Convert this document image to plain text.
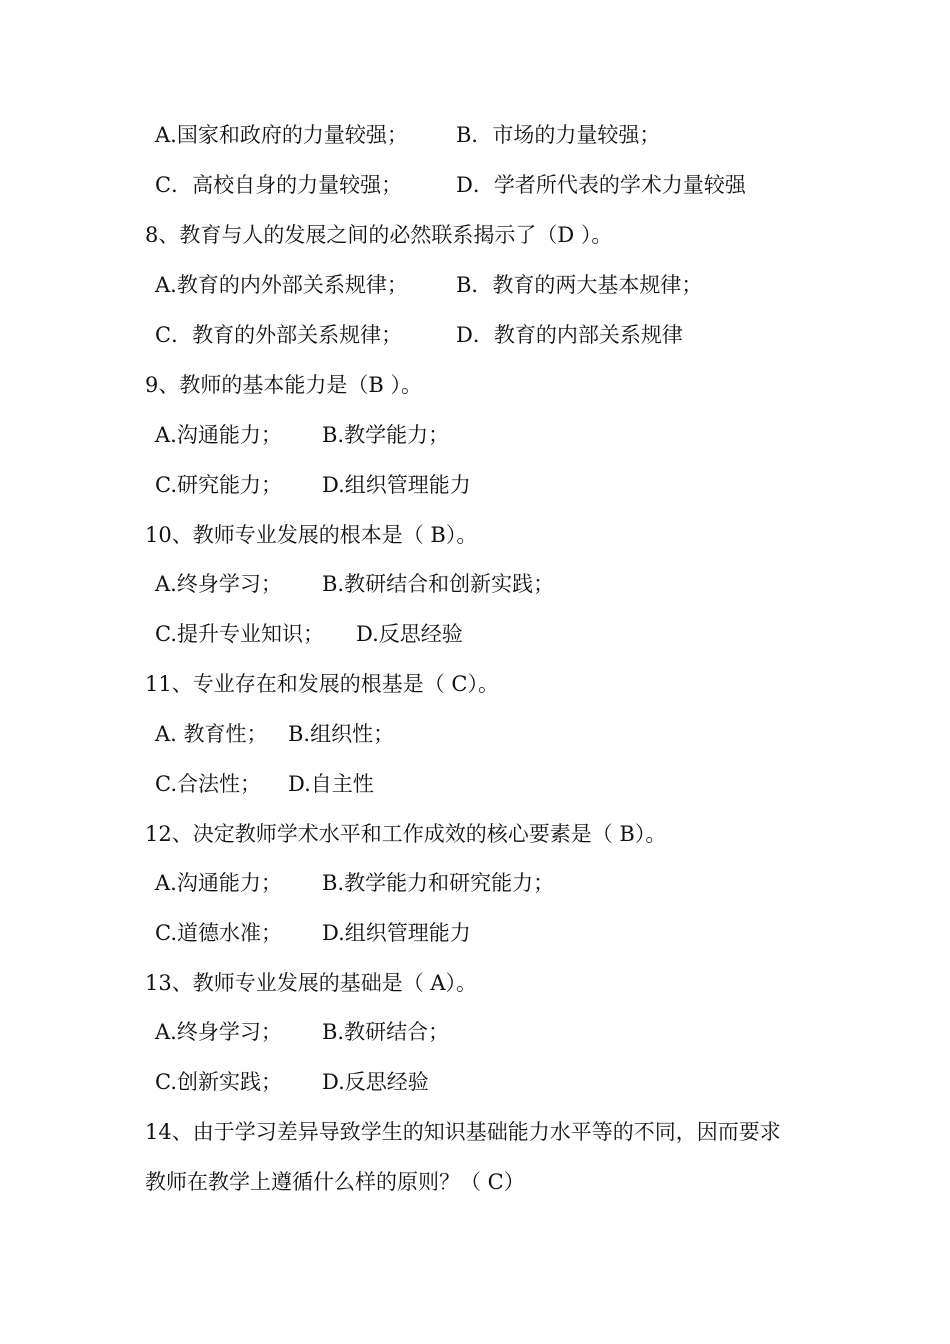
A.国家和政府的力量较强； B．市场的力量较强；
C．高校自身的力量较强；	D．学者所代表的学术力量较强
8、教育与人的发展之间的必然联系揭示了（D ）。
A.教育的内外部关系规律； B．教育的两大基本规律；
C．教育的外部关系规律；	D．教育的内部关系规律
9、教师的基本能力是（B ）。
A.沟通能力； B.教学能力；
C.研究能力； D.组织管理能力
10、教师专业发展的根本是（ B）。
A.终身学习； B.教研结合和创新实践；
C.提升专业知识； D.反思经验
11、专业存在和发展的根基是（ C）。
A. 教育性； B.组织性；
C.合法性； D.自主性
12、决定教师学术水平和工作成效的核心要素是（ B）。
A.沟通能力； B.教学能力和研究能力；
C.道德水准； D.组织管理能力
13、教师专业发展的基础是（ A）。
A.终身学习； B.教研结合；
C.创新实践； D.反思经验
14、由于学习差异导致学生的知识基础能力水平等的不同，因而要求
教师在教学上遵循什么样的原则？（ C）
